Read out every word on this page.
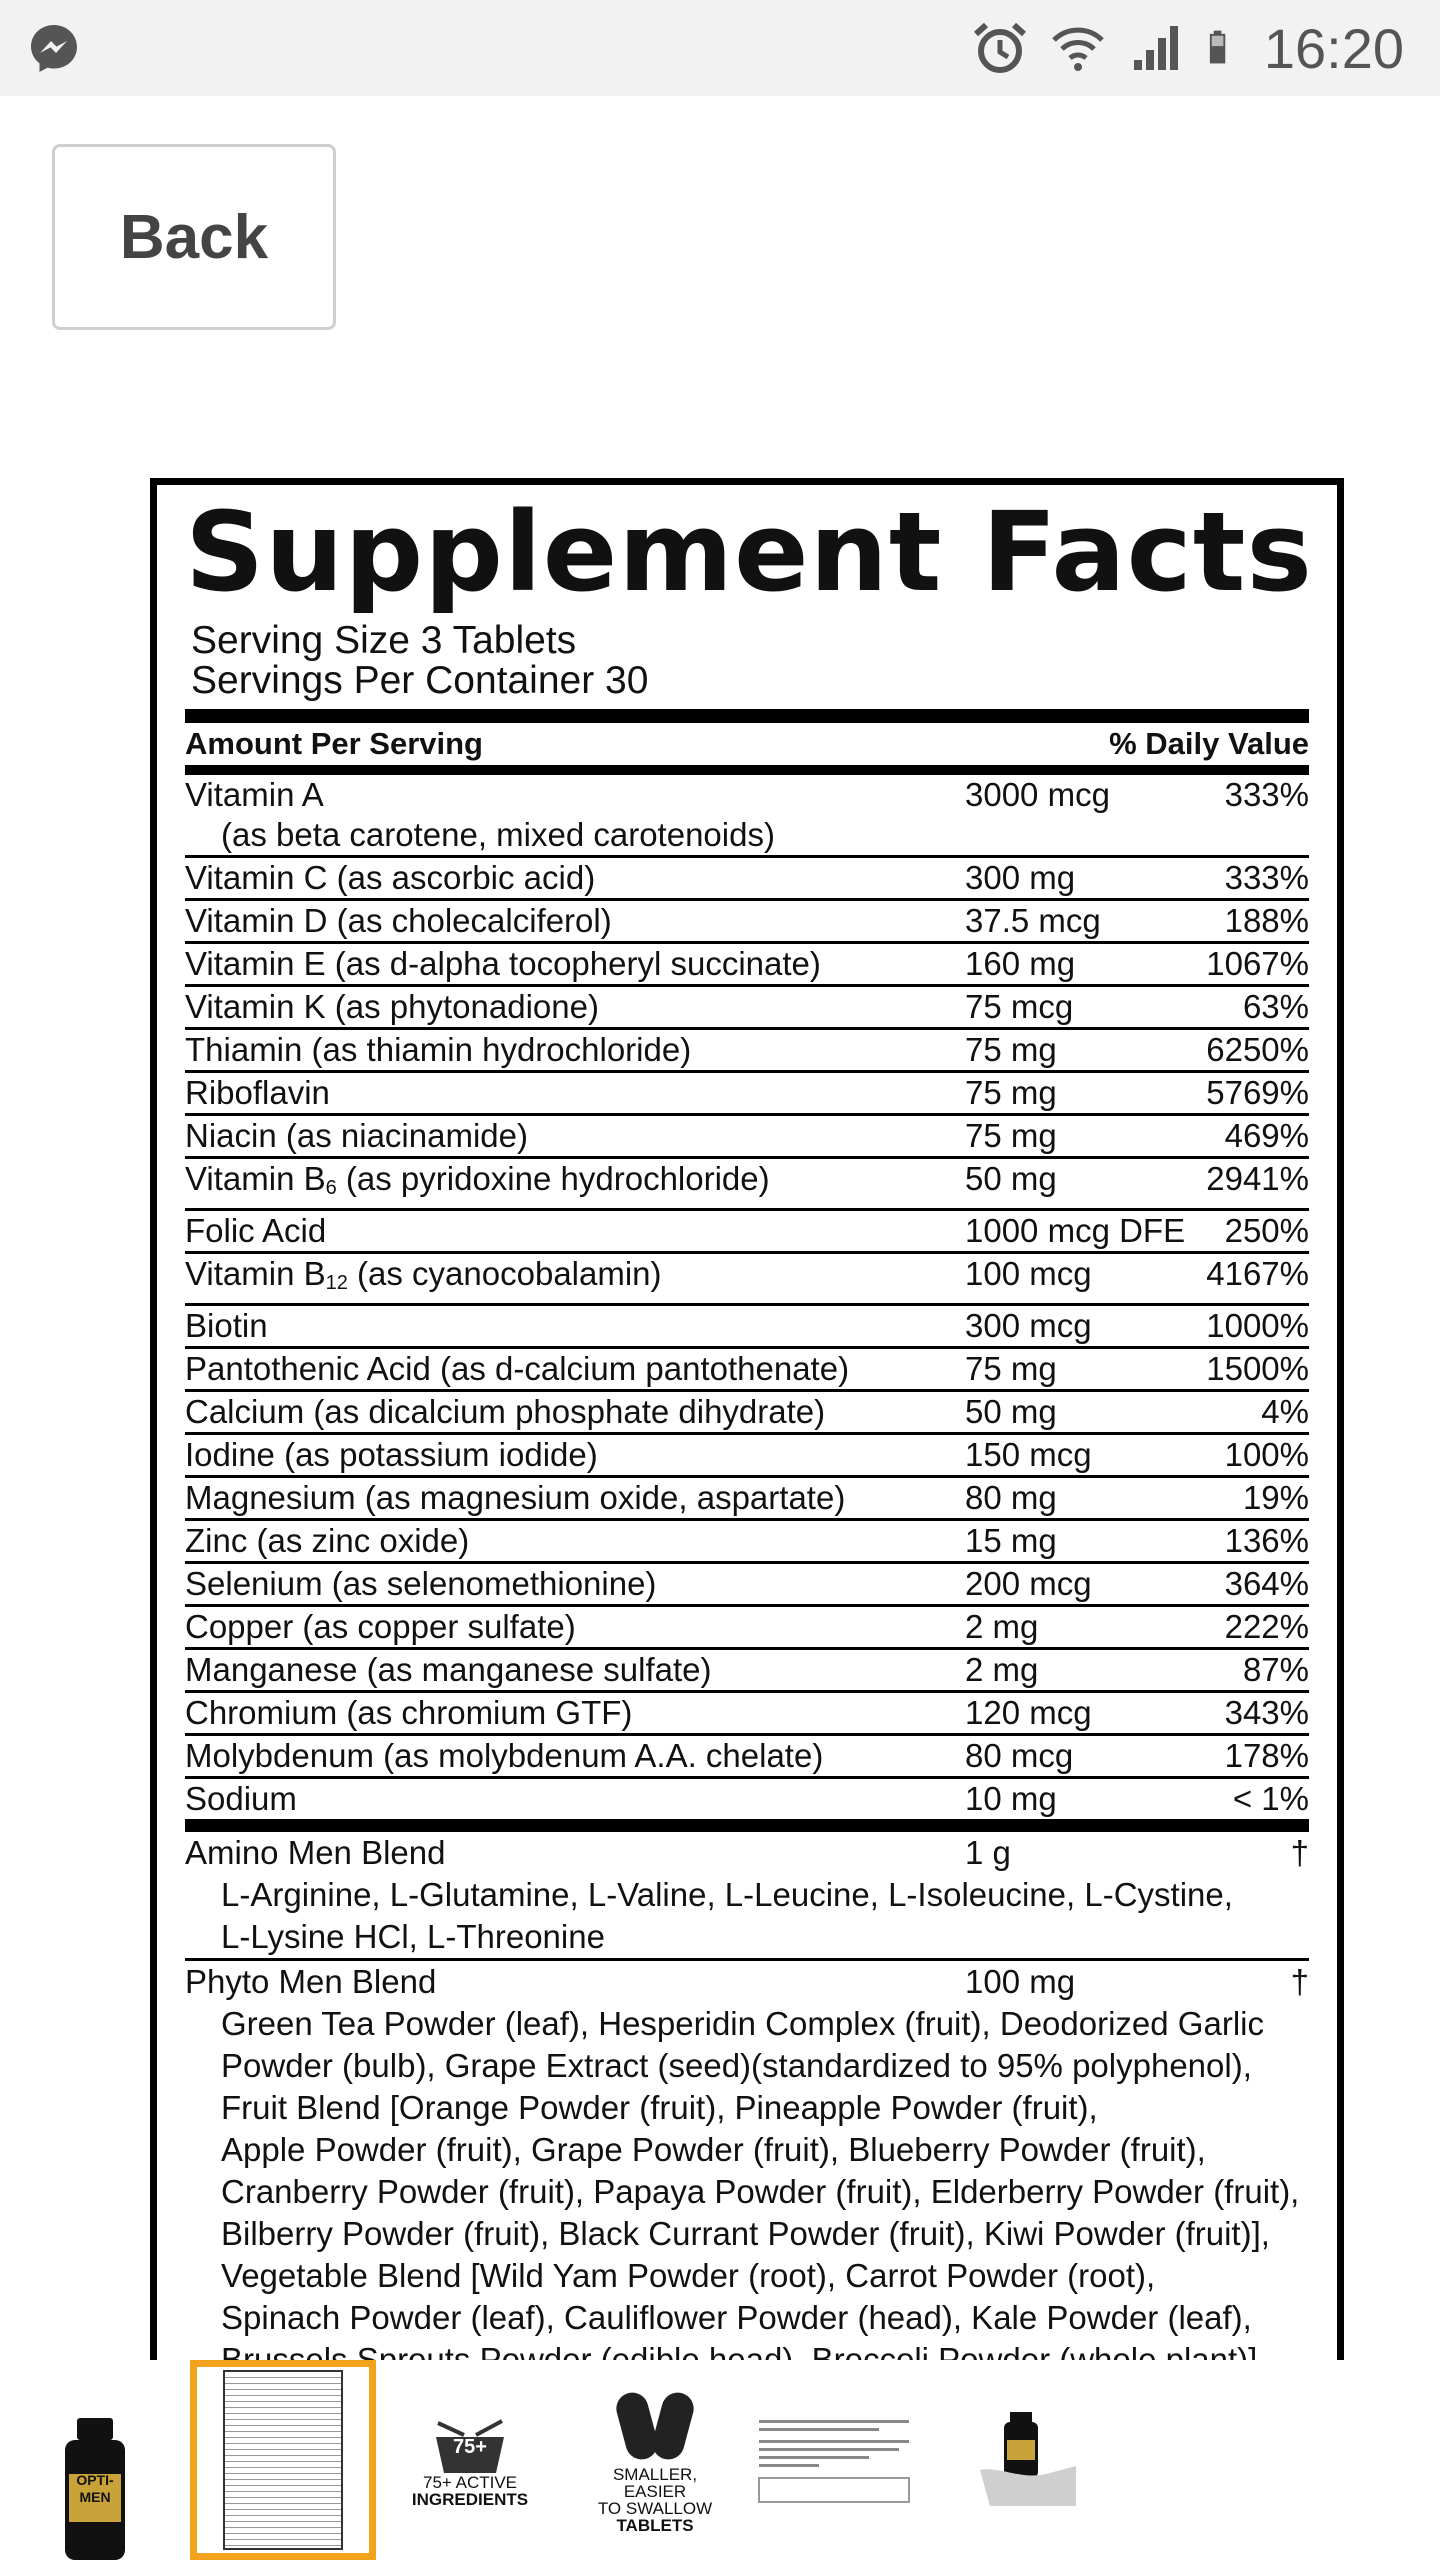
16:20
Back
Supplement Facts
Serving Size 3 Tablets
Servings Per Container 30
Amount Per Serving	% Daily Value
Vitamin A	3000 mcg	333%
(as beta carotene, mixed carotenoids)
Vitamin C (as ascorbic acid)	300 mg	333%
Vitamin D (as cholecalciferol)	37.5 mcg	188%
Vitamin E (as d-alpha tocopheryl succinate)	160 mg	1067%
Vitamin K (as phytonadione)	75 mcg	63%
Thiamin (as thiamin hydrochloride)	75 mg	6250%
Riboflavin	75 mg	5769%
Niacin (as niacinamide)	75 mg	469%
Vitamin $B_6$ (as pyridoxine hydrochloride)	50 mg	2941%
Folic Acid	1000 mcg DFE	250%
Vitamin $B_{12}$ (as cyanocobalamin)	100 mcg	4167%
Biotin	300 mcg	1000%
Pantothenic Acid (as d-calcium pantothenate)	75 mg	1500%
Calcium (as dicalcium phosphate dihydrate)	50 mg	4%
Iodine (as potassium iodide)	150 mcg	100%
Magnesium (as magnesium oxide, aspartate)	80 mg	19%
Zinc (as zinc oxide)	15 mg	136%
Selenium (as selenomethionine)	200 mcg	364%
Copper (as copper sulfate)	2 mg	222%
Manganese (as manganese sulfate)	2 mg	87%
Chromium (as chromium GTF)	120 mcg	343%
Molybdenum (as molybdenum A.A. chelate)	80 mcg	178%
Sodium	10 mg	< 1%
Amino Men Blend	1 g	†
L-Arginine, L-Glutamine, L-Valine, L-Leucine, L-Isoleucine, L-Cystine,
L-Lysine HCl, L-Threonine
Phyto Men Blend	100 mg	†
Green Tea Powder (leaf), Hesperidin Complex (fruit), Deodorized Garlic
Powder (bulb), Grape Extract (seed)(standardized to 95% polyphenol),
Fruit Blend [Orange Powder (fruit), Pineapple Powder (fruit),
Apple Powder (fruit), Grape Powder (fruit), Blueberry Powder (fruit),
Cranberry Powder (fruit), Papaya Powder (fruit), Elderberry Powder (fruit),
Bilberry Powder (fruit), Black Currant Powder (fruit), Kiwi Powder (fruit)],
Vegetable Blend [Wild Yam Powder (root), Carrot Powder (root),
Spinach Powder (leaf), Cauliflower Powder (head), Kale Powder (leaf),
OPTI-MEN
75+
75+ ACTIVE
INGREDIENTS
SMALLER, EASIER
TO SWALLOW
TABLETS
